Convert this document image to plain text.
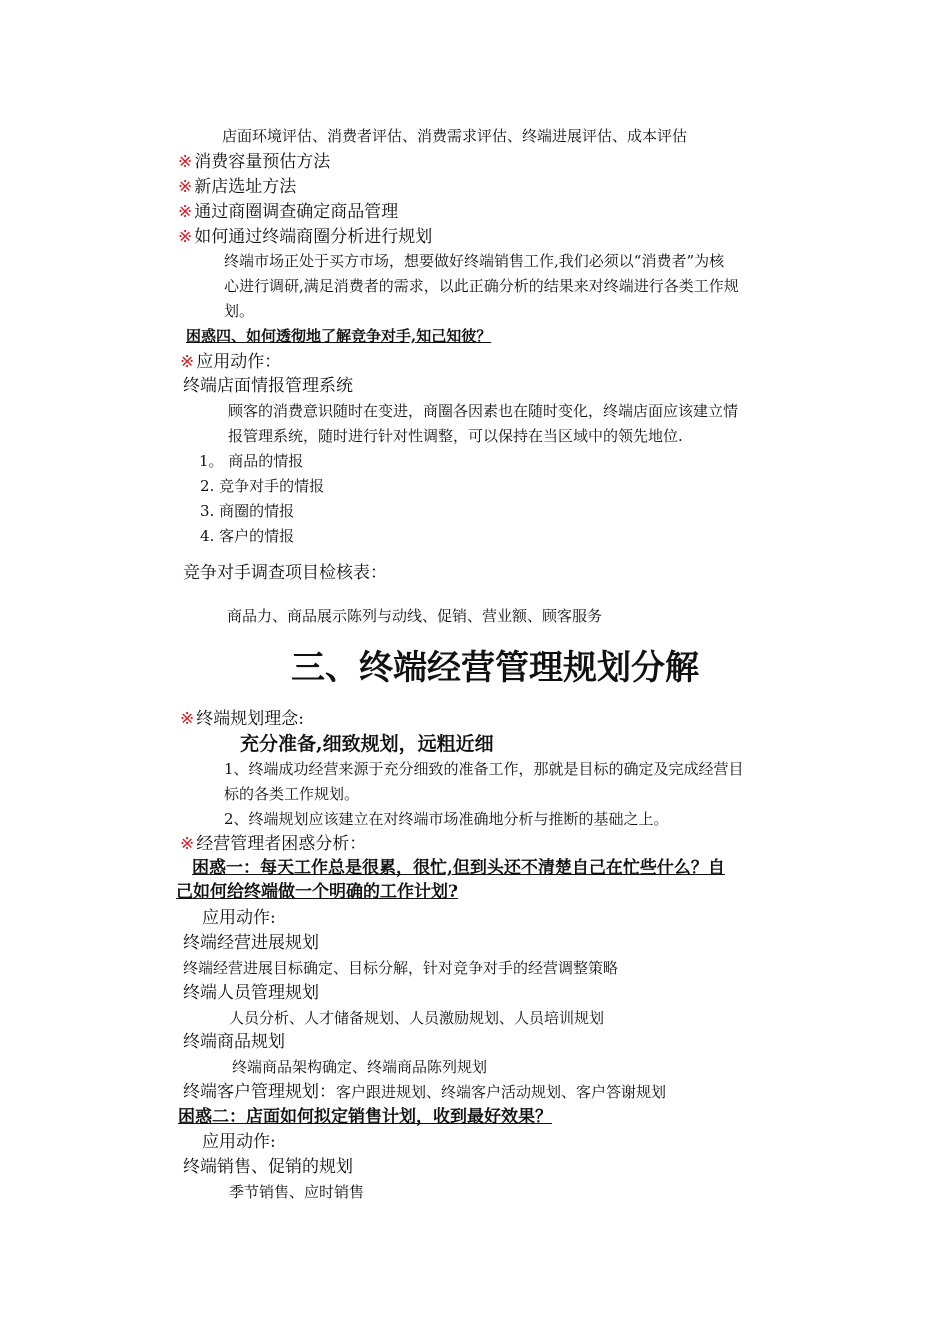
店面环境评估、消费者评估、消费需求评估、终端进展评估、成本评估
※ 消费容量预估方法
※ 新店选址方法
※ 通过商圈调查确定商品管理
※ 如何通过终端商圈分析进行规划
终端市场正处于买方市场，想要做好终端销售工作,我们必须以“消费者”为核
心进行调研,满足消费者的需求，以此正确分析的结果来对终端进行各类工作规
划。
困惑四、如何透彻地了解竞争对手,知己知彼？
※ 应用动作：
终端店面情报管理系统
顾客的消费意识随时在变进，商圈各因素也在随时变化，终端店面应该建立情
报管理系统，随时进行针对性调整，可以保持在当区域中的领先地位.
1。 商品的情报
2. 竞争对手的情报
3. 商圈的情报
4. 客户的情报
竞争对手调查项目检核表：
商品力、商品展示陈列与动线、促销、营业额、顾客服务
三、终端经营管理规划分解
※ 终端规划理念:
充分准备,细致规划，远粗近细
1、终端成功经营来源于充分细致的准备工作，那就是目标的确定及完成经营目
标的各类工作规划。
2、终端规划应该建立在对终端市场准确地分析与推断的基础之上。
※ 经营管理者困惑分析：
困惑一：每天工作总是很累，很忙,但到头还不清楚自己在忙些什么？自
己如何给终端做一个明确的工作计划?
应用动作:
终端经营进展规划
终端经营进展目标确定、目标分解，针对竞争对手的经营调整策略
终端人员管理规划
人员分析、人才储备规划、人员激励规划、人员培训规划
终端商品规划
终端商品架构确定、终端商品陈列规划
终端客户管理规划：客户跟进规划、终端客户活动规划、客户答谢规划
困惑二：店面如何拟定销售计划，收到最好效果？
应用动作:
终端销售、促销的规划
季节销售、应时销售
